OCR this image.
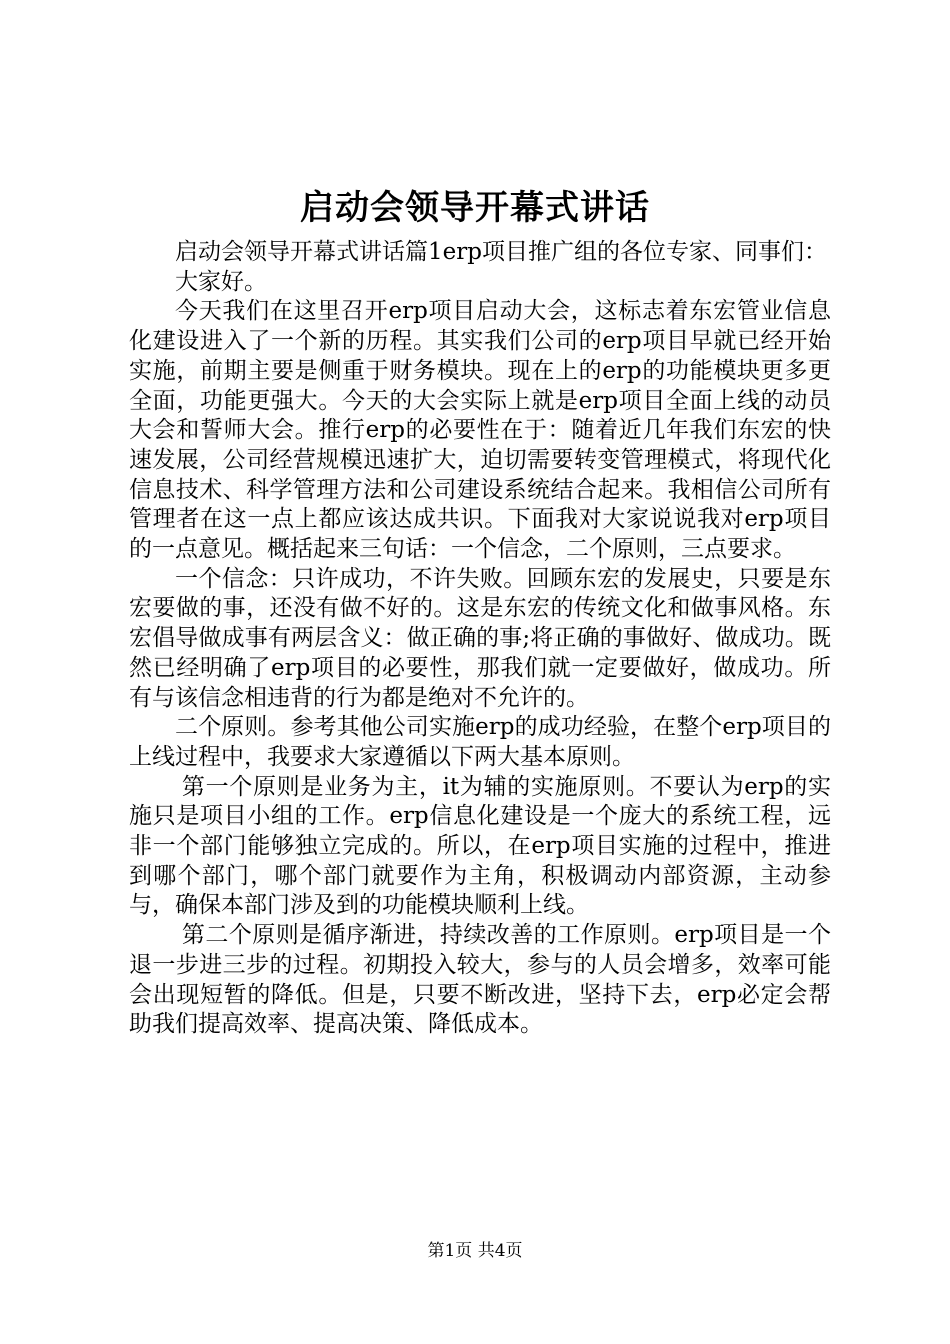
启动会领导开幕式讲话

启动会领导开幕式讲话篇1erp项目推广组的各位专家、同事们：

大家好。

今天我们在这里召开erp项目启动大会，这标志着东宏管业信息化建设进入了一个新的历程。其实我们公司的erp项目早就已经开始实施，前期主要是侧重于财务模块。现在上的erp的功能模块更多更全面，功能更强大。今天的大会实际上就是erp项目全面上线的动员大会和誓师大会。推行erp的必要性在于：随着近几年我们东宏的快速发展，公司经营规模迅速扩大，迫切需要转变管理模式，将现代化信息技术、科学管理方法和公司建设系统结合起来。我相信公司所有管理者在这一点上都应该达成共识。下面我对大家说说我对erp项目的一点意见。概括起来三句话：一个信念，二个原则，三点要求。

一个信念：只许成功，不许失败。回顾东宏的发展史，只要是东宏要做的事，还没有做不好的。这是东宏的传统文化和做事风格。东宏倡导做成事有两层含义：做正确的事;将正确的事做好、做成功。既然已经明确了erp项目的必要性，那我们就一定要做好，做成功。所有与该信念相违背的行为都是绝对不允许的。

二个原则。参考其他公司实施erp的成功经验，在整个erp项目的上线过程中，我要求大家遵循以下两大基本原则。

第一个原则是业务为主，it为辅的实施原则。不要认为erp的实施只是项目小组的工作。erp信息化建设是一个庞大的系统工程，远非一个部门能够独立完成的。所以，在erp项目实施的过程中，推进到哪个部门，哪个部门就要作为主角，积极调动内部资源，主动参与，确保本部门涉及到的功能模块顺利上线。

第二个原则是循序渐进，持续改善的工作原则。erp项目是一个退一步进三步的过程。初期投入较大，参与的人员会增多，效率可能会出现短暂的降低。但是，只要不断改进，坚持下去，erp必定会帮助我们提高效率、提高决策、降低成本。

第1页 共4页
